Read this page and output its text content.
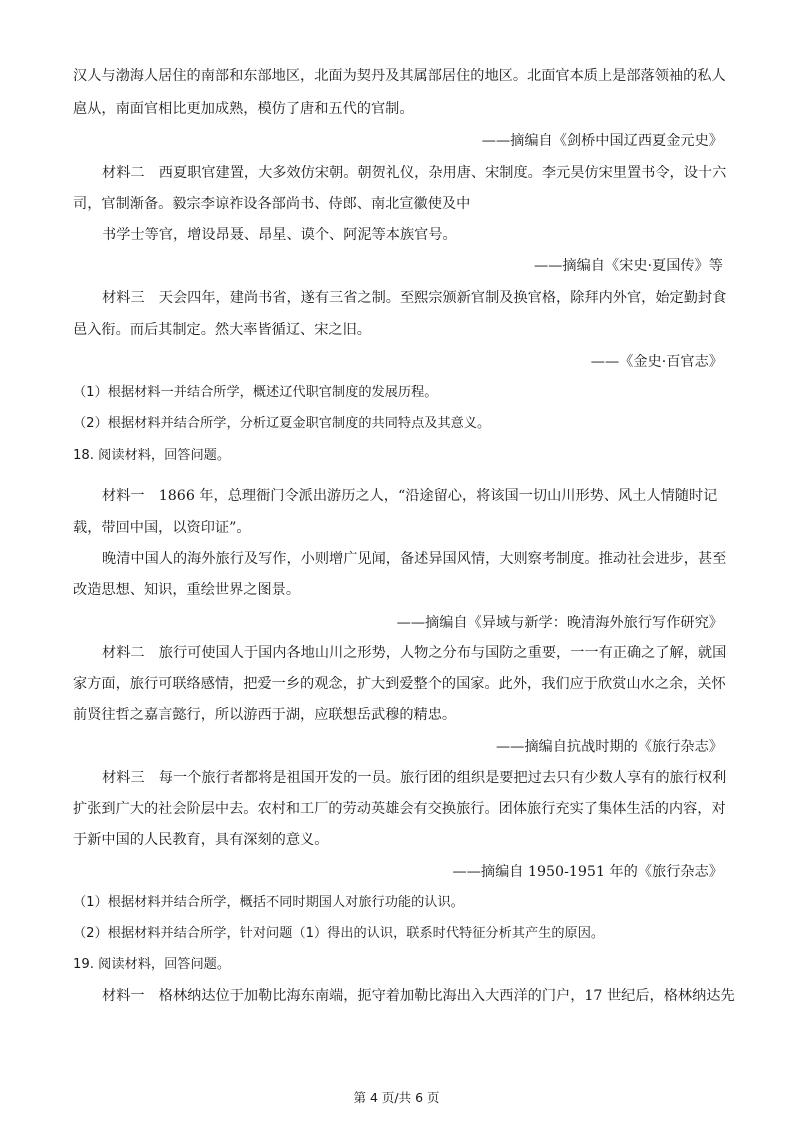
汉人与渤海人居住的南部和东部地区，北面为契丹及其属部居住的地区。北面官本质上是部落领袖的私人
扈从，南面官相比更加成熟，模仿了唐和五代的官制。
——摘编自《剑桥中国辽西夏金元史》
材料二　西夏职官建置，大多效仿宋朝。朝贺礼仪，杂用唐、宋制度。李元昊仿宋里置书令，设十六
司，官制渐备。毅宗李谅祚设各部尚书、侍郎、南北宣徽使及中
书学士等官，增设昂聂、昂星、谟个、阿泥等本族官号。
——摘编自《宋史·夏国传》等
材料三　天会四年，建尚书省，遂有三省之制。至熙宗颁新官制及换官格，除拜内外官，始定勤封食
邑入衔。而后其制定。然大率皆循辽、宋之旧。
——《金史·百官志》
（1）根据材料一并结合所学，概述辽代职官制度的发展历程。
（2）根据材料并结合所学，分析辽夏金职官制度的共同特点及其意义。
18. 阅读材料，回答问题。
材料一　1866 年，总理衙门令派出游历之人，“沿途留心，将该国一切山川形势、风土人情随时记
载，带回中国，以资印证”。
晚清中国人的海外旅行及写作，小则增广见闻，备述异国风情，大则察考制度。推动社会进步，甚至
改造思想、知识，重绘世界之图景。
——摘编自《异域与新学：晚清海外旅行写作研究》
材料二　旅行可使国人于国内各地山川之形势，人物之分布与国防之重要，一一有正确之了解，就国
家方面，旅行可联络感情，把爱一乡的观念，扩大到爱整个的国家。此外，我们应于欣赏山水之余，关怀
前贤往哲之嘉言懿行，所以游西于湖，应联想岳武穆的精忠。
——摘编自抗战时期的《旅行杂志》
材料三　每一个旅行者都将是祖国开发的一员。旅行团的组织是要把过去只有少数人享有的旅行权利
扩张到广大的社会阶层中去。农村和工厂的劳动英雄会有交换旅行。团体旅行充实了集体生活的内容，对
于新中国的人民教育，具有深刻的意义。
——摘编自 1950-1951 年的《旅行杂志》
（1）根据材料并结合所学，概括不同时期国人对旅行功能的认识。
（2）根据材料并结合所学，针对问题（1）得出的认识，联系时代特征分析其产生的原因。
19. 阅读材料，回答问题。
材料一　格林纳达位于加勒比海东南端，扼守着加勒比海出入大西洋的门户，17 世纪后，格林纳达先
第 4 页/共 6 页
